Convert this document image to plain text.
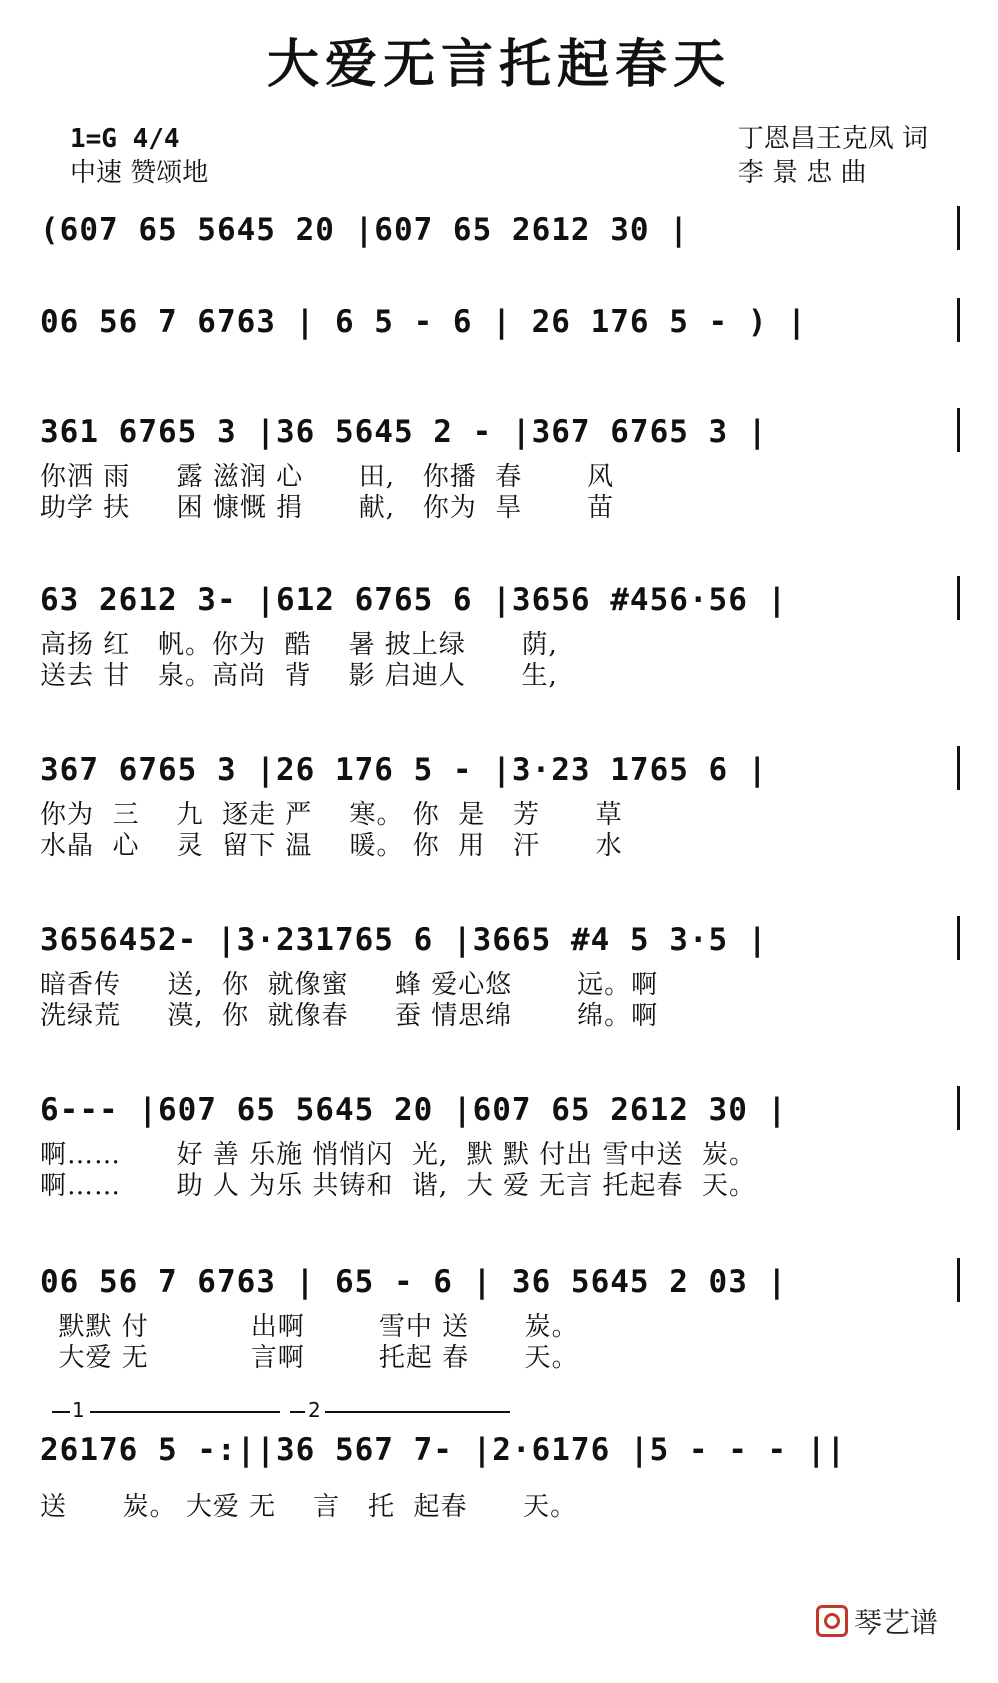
大爱无言托起春天
1=G 4/4
中速 赞颂地
丁恩昌王克凤 词
李 景 忠 曲
(607 65 5645 20 |607 65 2612 30 |
06 56 7 6763 | 6 5 - 6 | 26 176 5 - ) |
361 6765 3 |36 5645 2 - |367 6765 3 |
你洒 雨     露 滋润 心      田,   你播  春       风
助学 扶     困 慷慨 捐      献,   你为  旱       苗
63 2612 3- |612 6765 6 |3656 #456·56 |
高扬 红   帆。你为  酷    暑 披上绿      荫,
送去 甘   泉。高尚  背    影 启迪人      生,
367 6765 3 |26 176 5 - |3·23 1765 6 |
你为  三    九  逐走 严    寒。 你  是   芳      草
水晶  心    灵  留下 温    暖。 你  用   汗      水
3656452- |3·231765 6 |3665 #4 5 3·5 |
暗香传     送,  你  就像蜜     蜂 爱心悠       远。啊
洗绿荒     漠,  你  就像春     蚕 情思绵       绵。啊
6--- |607 65 5645 20 |607 65 2612 30 |
啊……      好 善 乐施 悄悄闪  光,  默 默 付出 雪中送  炭。
啊……      助 人 为乐 共铸和  谐,  大 爱 无言 托起春  天。
06 56 7 6763 | 65 - 6 | 36 5645 2 03 |
默默 付           出啊        雪中 送      炭。
大爱 无           言啊        托起 春      天。
1	2
26176 5 -:||36 567 7- |2·6176 |5 - - - ||
送      炭。 大爱 无    言   托  起春      天。
琴艺谱
